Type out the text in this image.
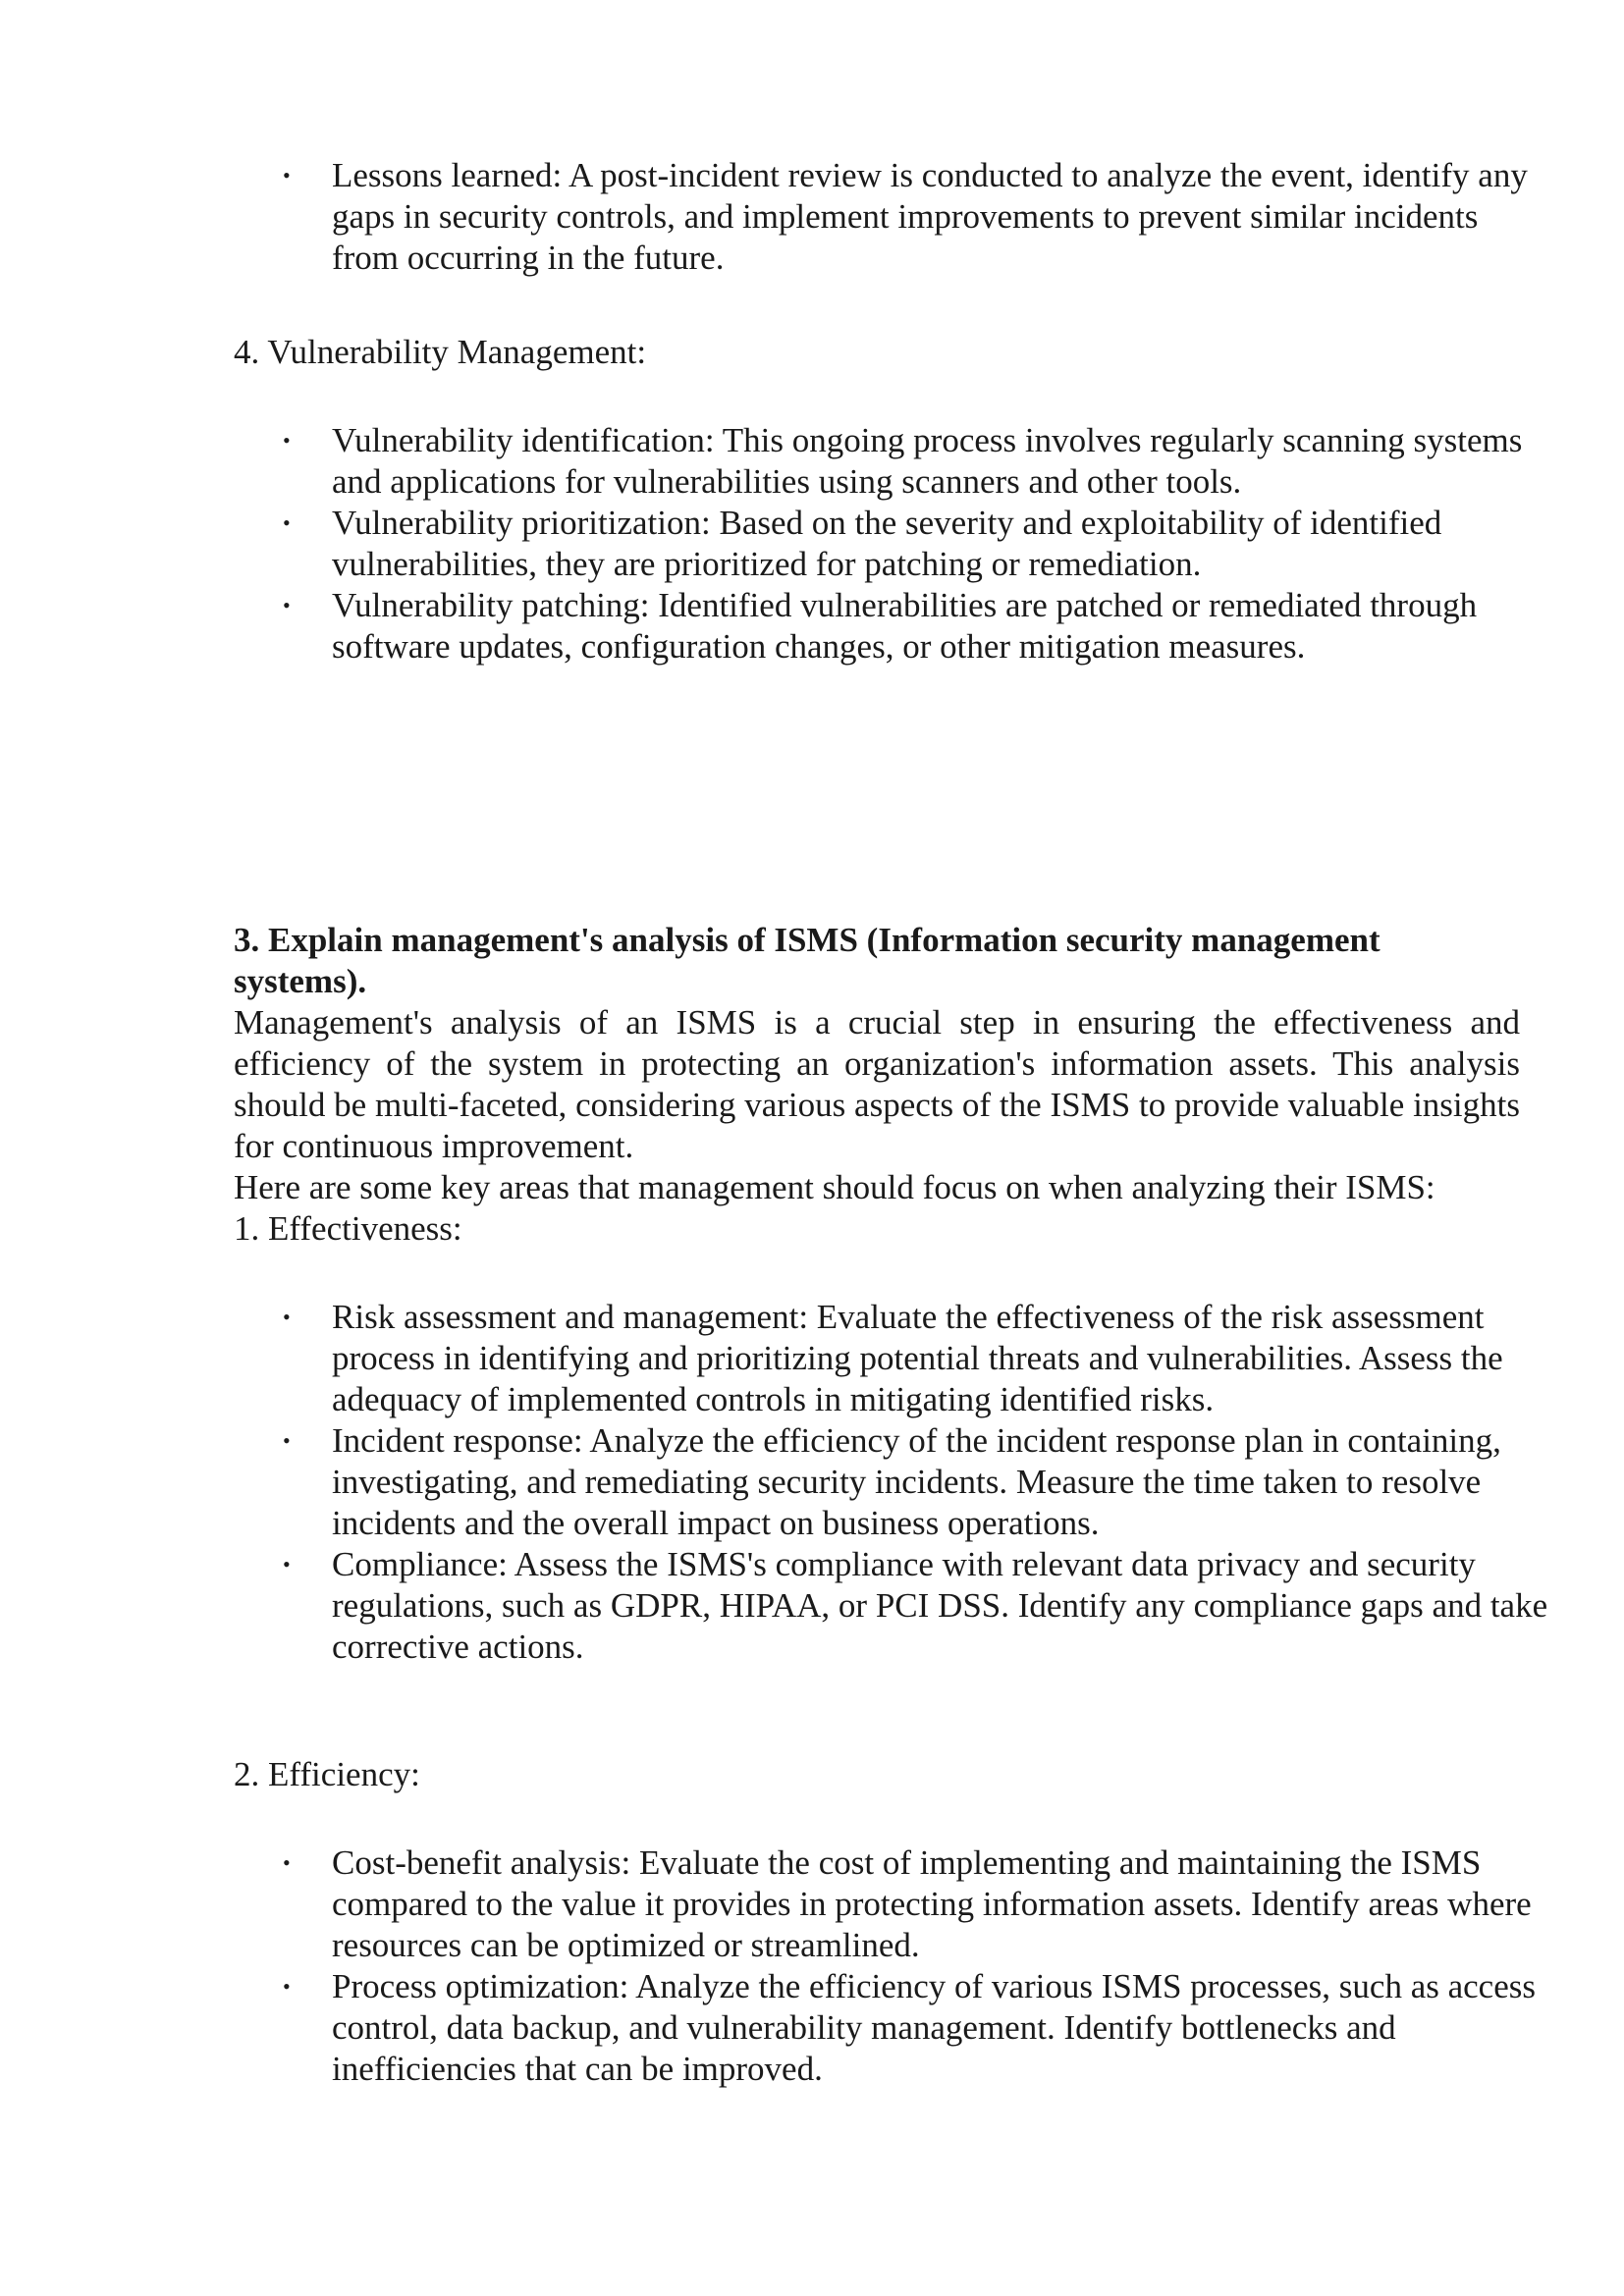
• Lessons learned: A post-incident review is conducted to analyze the event, identify any gaps in security controls, and implement improvements to prevent similar incidents from occurring in the future.

4. Vulnerability Management:

• Vulnerability identification: This ongoing process involves regularly scanning systems and applications for vulnerabilities using scanners and other tools.
• Vulnerability prioritization: Based on the severity and exploitability of identified vulnerabilities, they are prioritized for patching or remediation.
• Vulnerability patching: Identified vulnerabilities are patched or remediated through software updates, configuration changes, or other mitigation measures.

3. Explain management's analysis of ISMS (Information security management systems).

Management's analysis of an ISMS is a crucial step in ensuring the effectiveness and efficiency of the system in protecting an organization's information assets. This analysis should be multi-faceted, considering various aspects of the ISMS to provide valuable insights for continuous improvement.

Here are some key areas that management should focus on when analyzing their ISMS:

1. Effectiveness:

• Risk assessment and management: Evaluate the effectiveness of the risk assessment process in identifying and prioritizing potential threats and vulnerabilities. Assess the adequacy of implemented controls in mitigating identified risks.
• Incident response: Analyze the efficiency of the incident response plan in containing, investigating, and remediating security incidents. Measure the time taken to resolve incidents and the overall impact on business operations.
• Compliance: Assess the ISMS's compliance with relevant data privacy and security regulations, such as GDPR, HIPAA, or PCI DSS. Identify any compliance gaps and take corrective actions.

2. Efficiency:

• Cost-benefit analysis: Evaluate the cost of implementing and maintaining the ISMS compared to the value it provides in protecting information assets. Identify areas where resources can be optimized or streamlined.
• Process optimization: Analyze the efficiency of various ISMS processes, such as access control, data backup, and vulnerability management. Identify bottlenecks and inefficiencies that can be improved.
